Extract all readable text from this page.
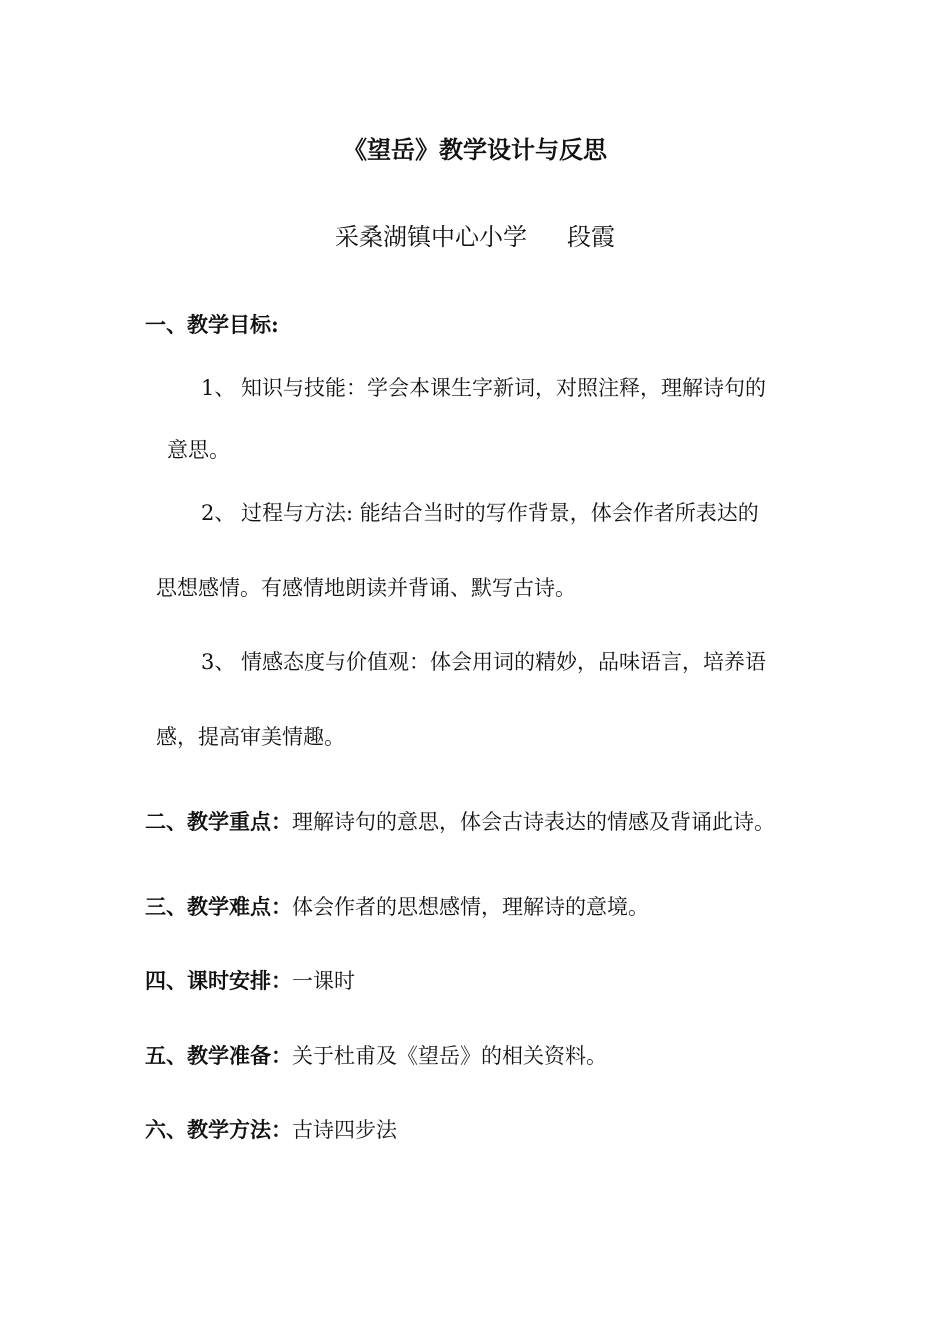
《望岳》教学设计与反思
采桑湖镇中心小学 段霞
一、教学目标:
1、 知识与技能：学会本课生字新词，对照注释，理解诗句的
意思。
2、 过程与方法: 能结合当时的写作背景，体会作者所表达的
思想感情。有感情地朗读并背诵、默写古诗。
3、 情感态度与价值观：体会用词的精妙，品味语言，培养语
感，提高审美情趣。
二、教学重点：理解诗句的意思，体会古诗表达的情感及背诵此诗。
三、教学难点：体会作者的思想感情，理解诗的意境。
四、课时安排：一课时
五、教学准备：关于杜甫及《望岳》的相关资料。
六、教学方法：古诗四步法
